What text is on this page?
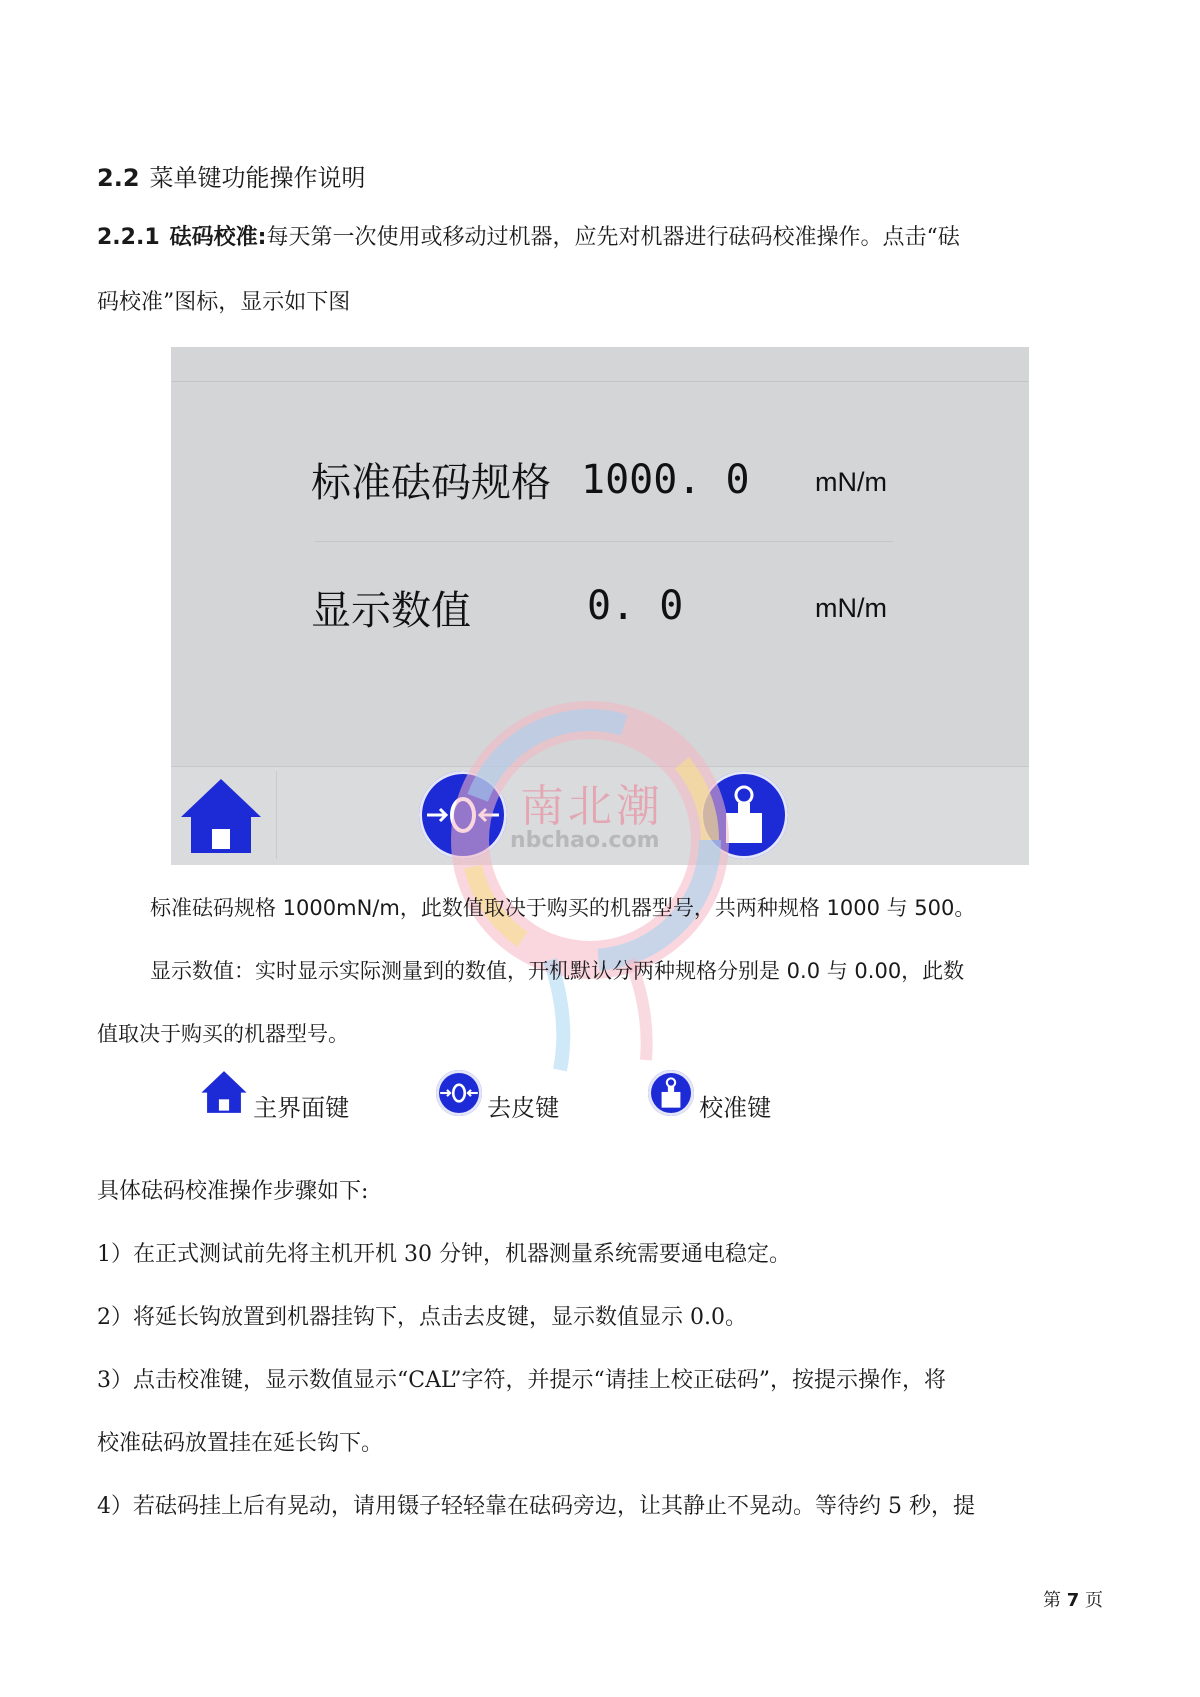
2.2 菜单键功能操作说明
2.2.1 砝码校准:每天第一次使用或移动过机器，应先对机器进行砝码校准操作。点击“砝
码校准”图标，显示如下图
标准砝码规格 1000. 0 mN/m
显示数值	0. 0	mN/m
南北潮
nbchao.com
标准砝码规格 1000mN/m，此数值取决于购买的机器型号，共两种规格 1000 与 500。
显示数值：实时显示实际测量到的数值，开机默认分两种规格分别是 0.0 与 0.00，此数
值取决于购买的机器型号。
主界面键	去皮键	校准键
具体砝码校准操作步骤如下:
1）在正式测试前先将主机开机 30 分钟，机器测量系统需要通电稳定。
2）将延长钩放置到机器挂钩下，点击去皮键，显示数值显示 0.0。
3）点击校准键，显示数值显示“CAL”字符，并提示“请挂上校正砝码”，按提示操作，将
校准砝码放置挂在延长钩下。
4）若砝码挂上后有晃动，请用镊子轻轻靠在砝码旁边，让其静止不晃动。等待约 5 秒，提
第 7 页
